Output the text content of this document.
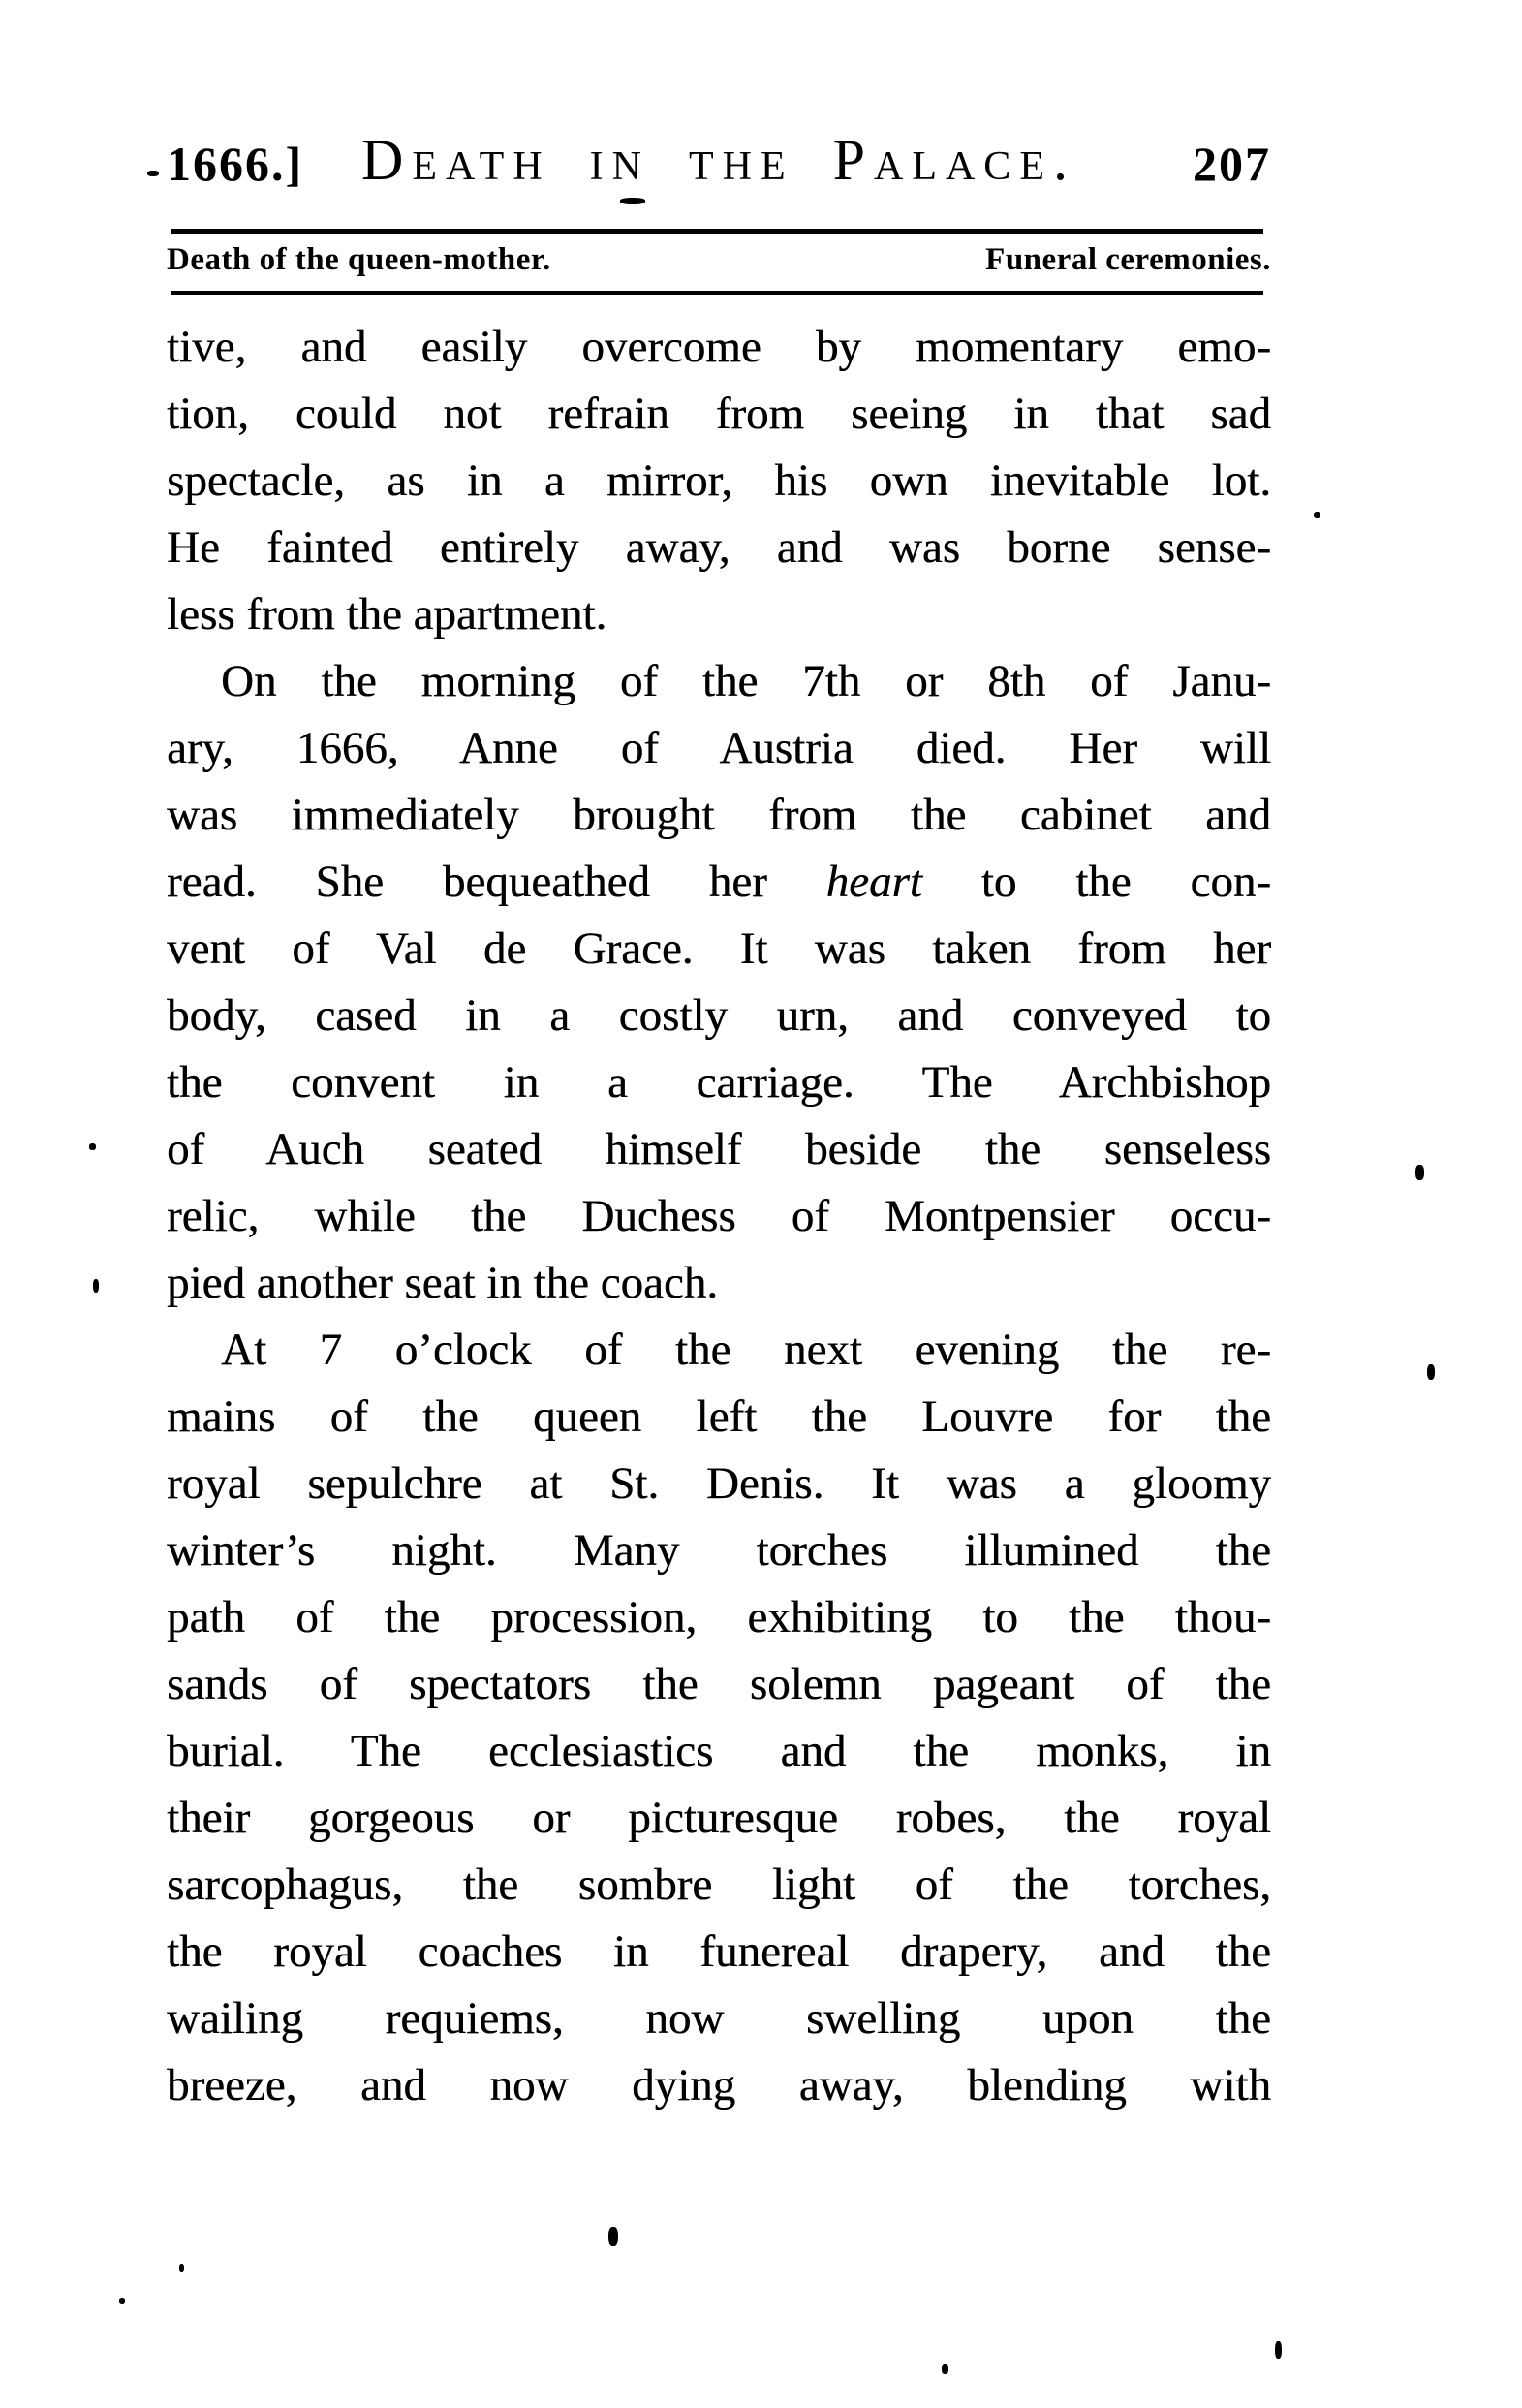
1666.] Death in the Palace. 207
Death of the queen-mother.	Funeral ceremonies.
tive, and easily overcome by momentary emo-
tion, could not refrain from seeing in that sad
spectacle, as in a mirror, his own inevitable lot.
He fainted entirely away, and was borne sense-
less from the apartment.
On the morning of the 7th or 8th of Janu-
ary, 1666, Anne of Austria died. Her will
was immediately brought from the cabinet and
read. She bequeathed her heart to the con-
vent of Val de Grace. It was taken from her
body, cased in a costly urn, and conveyed to
the convent in a carriage. The Archbishop
of Auch seated himself beside the senseless
relic, while the Duchess of Montpensier occu-
pied another seat in the coach.
At 7 o’clock of the next evening the re-
mains of the queen left the Louvre for the
royal sepulchre at St. Denis. It was a gloomy
winter’s night. Many torches illumined the
path of the procession, exhibiting to the thou-
sands of spectators the solemn pageant of the
burial. The ecclesiastics and the monks, in
their gorgeous or picturesque robes, the royal
sarcophagus, the sombre light of the torches,
the royal coaches in funereal drapery, and the
wailing requiems, now swelling upon the
breeze, and now dying away, blending with
